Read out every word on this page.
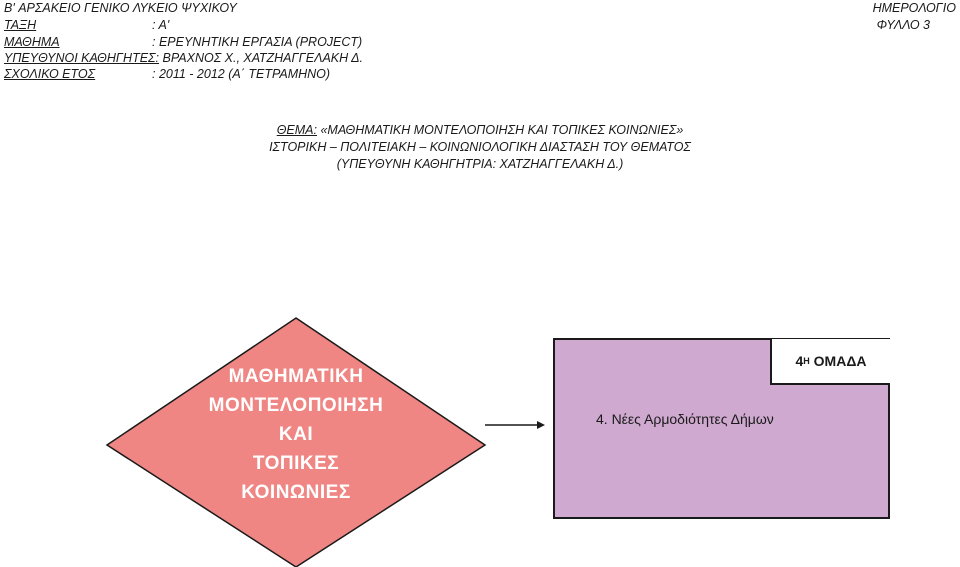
B' ΑΡΣΑΚΕΙΟ ΓΕΝΙΚΟ ΛΥΚΕΙΟ ΨΥΧΙΚΟΥ
ΤΑΞΗ	: A'
ΜΑΘΗΜΑ	: ΕΡΕΥΝΗΤΙΚΗ ΕΡΓΑΣΙΑ (PROJECT)
ΥΠΕΥΘΥΝΟΙ ΚΑΘΗΓΗΤΕΣ: ΒΡΑΧΝΟΣ Χ., ΧΑΤΖΗΑΓΓΕΛΑΚΗ Δ.
ΣΧΟΛΙΚΟ ΕΤΟΣ	: 2011 - 2012 (Α΄ ΤΕΤΡΑΜΗΝΟ)
ΗΜΕΡΟΛΟΓΙΟ
ΦΥΛΛΟ 3
ΘΕΜΑ: «ΜΑΘΗΜΑΤΙΚΗ ΜΟΝΤΕΛΟΠΟΙΗΣΗ ΚΑΙ ΤΟΠΙΚΕΣ ΚΟΙΝΩΝΙΕΣ»
ΙΣΤΟΡΙΚΗ – ΠΟΛΙΤΕΙΑΚΗ – ΚΟΙΝΩΝΙΟΛΟΓΙΚΗ ΔΙΑΣΤΑΣΗ ΤΟΥ ΘΕΜΑΤΟΣ
(ΥΠΕΥΘΥΝΗ ΚΑΘΗΓΗΤΡΙΑ: ΧΑΤΖΗΑΓΓΕΛΑΚΗ Δ.)
ΜΑΘΗΜΑΤΙΚΗ
ΜΟΝΤΕΛΟΠΟΙΗΣΗ
ΚΑΙ
ΤΟΠΙΚΕΣ
ΚΟΙΝΩΝΙΕΣ
4. Νέες Αρμοδιότητες Δήμων
4 Η
ΟΜΑΔΑ
